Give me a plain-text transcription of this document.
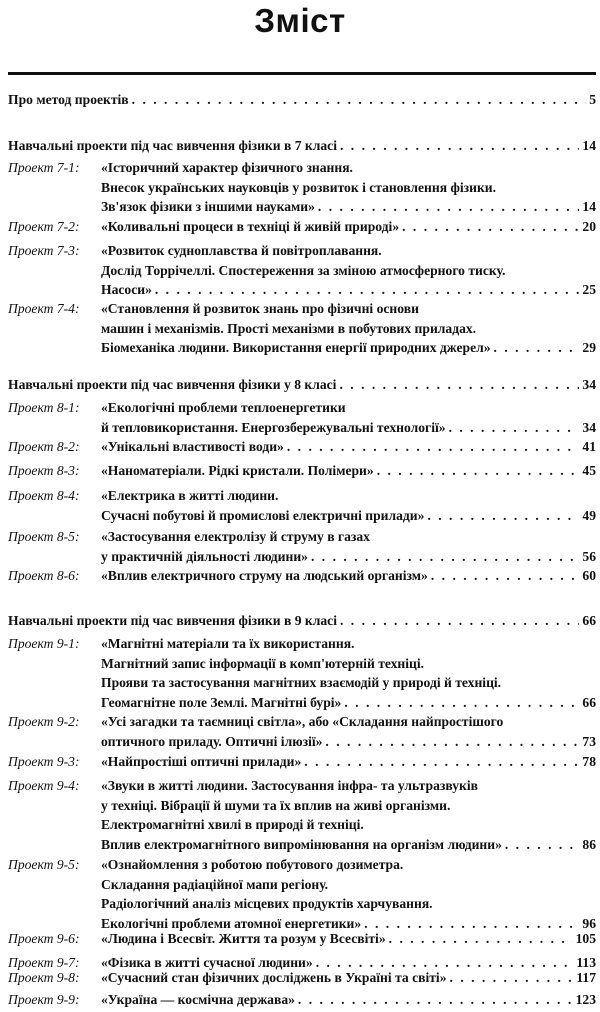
Зміст
Про метод проектів . . .	5
Навчальні проекти під час вивчення фізики в 7 класі . . .	14
Проект 7-1: «Історичний характер фізичного знання.
Внесок українських науковців у розвиток і становлення фізики.
Зв'язок фізики з іншими науками» . . .	14
Проект 7-2: «Коливальні процеси в техніці й живій природі» . . .	20
Проект 7-3: «Розвиток судноплавства й повітроплавання.
Дослід Торрічеллі. Спостереження за зміною атмосферного тиску.
Насоси» . . .	25
Проект 7-4: «Становлення й розвиток знань про фізичні основи
машин і механізмів. Прості механізми в побутових приладах.
Біомеханіка людини. Використання енергії природних джерел» . . .	29
Навчальні проекти під час вивчення фізики у 8 класі . . .	34
Проект 8-1: «Екологічні проблеми теплоенергетики
й тепловикористання. Енергозбережувальні технології» . . .	34
Проект 8-2: «Унікальні властивості води» . . .	41
Проект 8-3: «Наноматеріали. Рідкі кристали. Полімери» . . .	45
Проект 8-4: «Електрика в житті людини.
Сучасні побутові й промислові електричні прилади» . . .	49
Проект 8-5: «Застосування електролізу й струму в газах
у практичній діяльності людини» . . .	56
Проект 8-6: «Вплив електричного струму на людський організм» . . .	60
Навчальні проекти під час вивчення фізики в 9 класі . . .	66
Проект 9-1: «Магнітні матеріали та їх використання.
Магнітний запис інформації в комп'ютерній техніці.
Прояви та застосування магнітних взаємодій у природі й техніці.
Геомагнітне поле Землі. Магнітні бурі» . . .	66
Проект 9-2: «Усі загадки та таємниці світла», або «Складання найпростішого
оптичного приладу. Оптичні ілюзії» . . .	73
Проект 9-3: «Найпростіші оптичні прилади» . . .	78
Проект 9-4: «Звуки в житті людини. Застосування інфра- та ультразвуків
у техніці. Вібрації й шуми та їх вплив на живі організми.
Електромагнітні хвилі в природі й техніці.
Вплив електромагнітного випромінювання на організм людини» . . .	86
Проект 9-5: «Ознайомлення з роботою побутового дозиметра.
Складання радіаційної мапи регіону.
Радіологічний аналіз місцевих продуктів харчування.
Екологічні проблеми атомної енергетики» . . .	96
Проект 9-6: «Людина і Всесвіт. Життя та розум у Всесвіті» . . .	105
Проект 9-7: «Фізика в житті сучасної людини» . . .	113
Проект 9-8: «Сучасний стан фізичних досліджень в Україні та світі» . . .	117
Проект 9-9: «Україна — космічна держава» . . .	123
